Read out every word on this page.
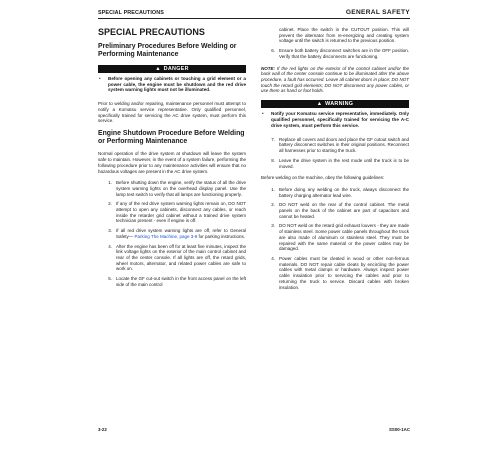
SPECIAL PRECAUTIONS	GENERAL SAFETY
SPECIAL PRECAUTIONS
Preliminary Procedures Before Welding or Performing Maintenance
▲ DANGER
•	Before opening any cabinets or touching a grid element or a power cable, the engine must be shutdown and the red drive system warning lights must not be illuminated.

Prior to welding and/or repairing, maintenance personnel must attempt to notify a Komatsu service representative. Only qualified personnel, specifically trained for servicing the AC drive system, must perform this service.

Engine Shutdown Procedure Before Welding or Performing Maintenance

Normal operation of the drive system at shutdown will leave the system safe to maintain. However, in the event of a system failure, performing the following procedure prior to any maintenance activities will ensure that no hazardous voltages are present in the AC drive system.

1. Before shutting down the engine, verify the status of all the drive system warning lights on the overhead display panel. Use the lamp test switch to verify that all lamps are functioning properly.
2. If any of the red drive system warning lights remain on, DO NOT attempt to open any cabinets, disconnect any cables, or reach inside the retarder grid cabinet without a trained drive system technician present - even if engine is off.
3. If all red drive system warning lights are off, refer to General Safety— Parking The Machine, page 3-9 for parking instructions.
4. After the engine has been off for at least five minutes, inspect the link voltage lights on the exterior of the main control cabinet and rear of the center console. If all lights are off, the retard grids, wheel motors, alternator, and related power cables are safe to work on.
5. Locate the GF cut-out switch in the front access panel on the left side of the main control
cabinet. Place the switch in the CUTOUT position. This will prevent the alternator from re-energizing and creating system voltage until the switch is returned to the previous position.
6. Ensure both battery disconnect switches are in the OFF position. Verify that the battery disconnects are functioning.
NOTE: If the red lights on the exterior of the control cabinet and/or the back wall of the center console continue to be illuminated after the above procedure, a fault has occurred. Leave all cabinet doors in place; DO NOT touch the retard grid elements; DO NOT disconnect any power cables, or use them as hand or foot holds.
▲ WARNING
•	Notify your Komatsu service representative, immediately. Only qualified personnel, specifically trained for servicing the A-C drive system, must perform this service.
7. Replace all covers and doors and place the GF cutout switch and battery disconnect switches in their original positions. Reconnect all harnesses prior to starting the truck.
8. Leave the drive system in the rest mode until the truck is to be moved.

Before welding on the machine, obey the following guidelines:

1. Before doing any welding on the truck, always disconnect the battery charging alternator lead wire.
2. DO NOT weld on the rear of the control cabinet. The metal panels on the back of the cabinet are part of capacitors and cannot be heated.
3. DO NOT weld on the retard grid exhaust louvers - they are made of stainless steel. Some power cable panels throughout the truck are also made of aluminum or stainless steel. They must be repaired with the same material or the power cables may be damaged.
4. Power cables must be cleated in wood or other non-ferrous materials. DO NOT repair cable cleats by encircling the power cables with metal clamps or hardware. Always inspect power cable insulation prior to servicing the cables and prior to returning the truck to service. Discard cables with broken insulation.
3-22	SS00-1AC
